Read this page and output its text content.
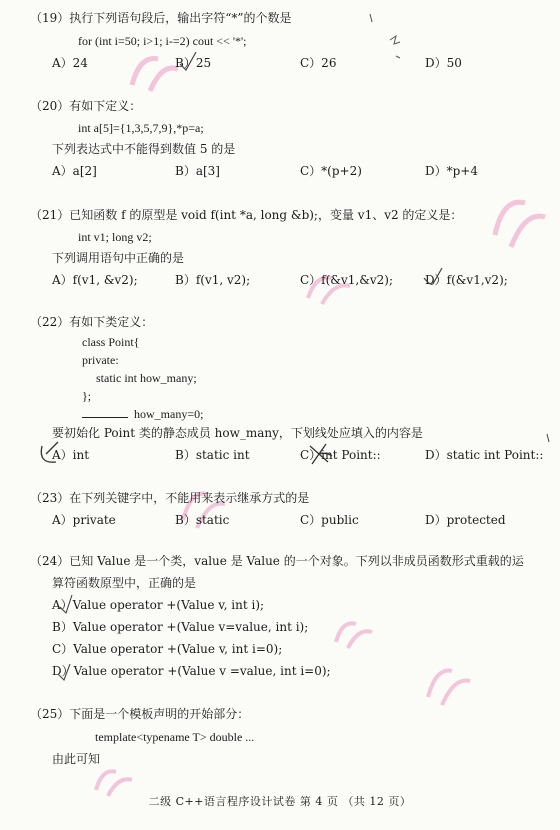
（19）执行下列语句段后，输出字符“*”的个数是
for (int i=50; i>1; i-=2) cout << '*';
A）24	B）25	C）26	D）50
（20）有如下定义：
int a[5]={1,3,5,7,9},*p=a;
下列表达式中不能得到数值 5 的是
A）a[2]	B）a[3]	C）*(p+2)	D）*p+4
（21）已知函数 f 的原型是 void f(int *a, long &b);，变量 v1、v2 的定义是：
int v1; long v2;
下列调用语句中正确的是
A）f(v1, &v2);	B）f(v1, v2);	C）f(&v1,&v2);	D）f(&v1,v2);
（22）有如下类定义：
class Point{
private:
static int how_many;
};
how_many=0;
要初始化 Point 类的静态成员 how_many，下划线处应填入的内容是
A）int	B）static int	C）int Point::	D）static int Point::
（23）在下列关键字中，不能用来表示继承方式的是
A）private	B）static	C）public	D）protected
（24）已知 Value 是一个类，value 是 Value 的一个对象。下列以非成员函数形式重载的运
算符函数原型中，正确的是
A）Value operator +(Value v, int i);
B）Value operator +(Value v=value, int i);
C）Value operator +(Value v, int i=0);
D）Value operator +(Value v =value, int i=0);
（25）下面是一个模板声明的开始部分：
template<typename T> double ...
由此可知
二级 C++语言程序设计试卷 第 4 页 （共 12 页）
